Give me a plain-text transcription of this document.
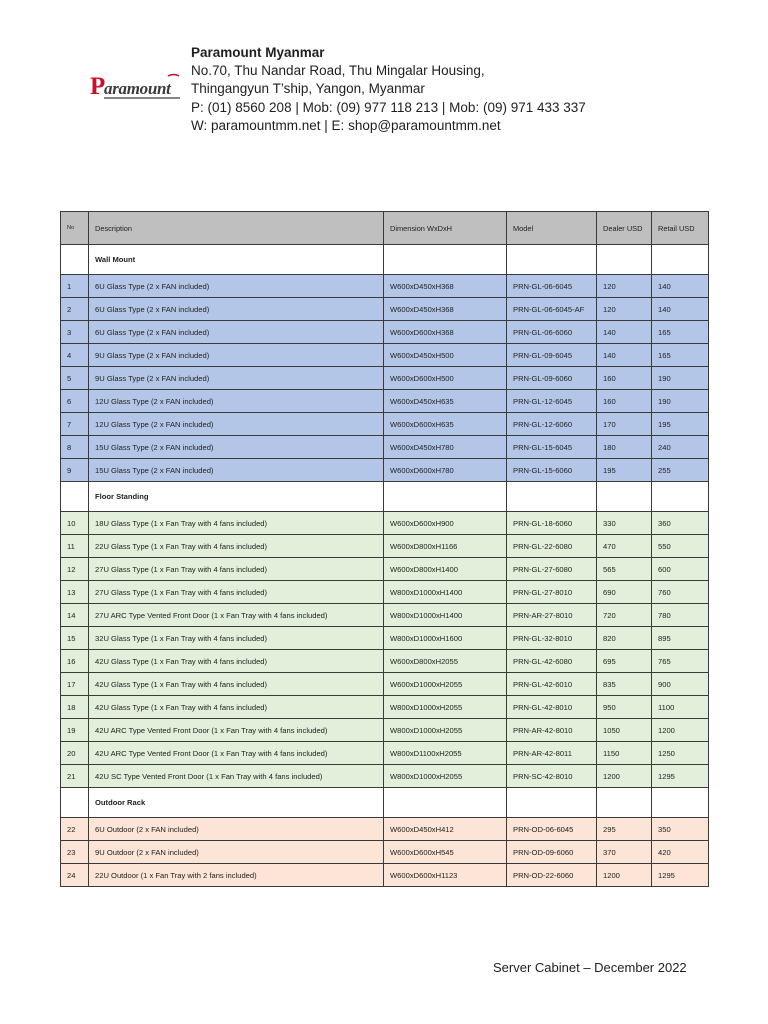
P
aramount
Paramount Myanmar
No.70, Thu Nandar Road, Thu Mingalar Housing,
Thingangyun T’ship, Yangon, Myanmar
P: (01) 8560 208 | Mob: (09) 977 118 213 | Mob: (09) 971 433 337
W: paramountmm.net | E: shop@paramountmm.net
No	Description	Dimension WxDxH	Model	Dealer USD	Retail USD
	Wall Mount				
1	6U Glass Type (2 x FAN included)	W600xD450xH368	PRN-GL-06-6045	120	140
2	6U Glass Type (2 x FAN included)	W600xD450xH368	PRN-GL-06-6045-AF	120	140
3	6U Glass Type (2 x FAN included)	W600xD600xH368	PRN-GL-06-6060	140	165
4	9U Glass Type (2 x FAN included)	W600xD450xH500	PRN-GL-09-6045	140	165
5	9U Glass Type (2 x FAN included)	W600xD600xH500	PRN-GL-09-6060	160	190
6	12U Glass Type (2 x FAN included)	W600xD450xH635	PRN-GL-12-6045	160	190
7	12U Glass Type (2 x FAN included)	W600xD600xH635	PRN-GL-12-6060	170	195
8	15U Glass Type (2 x FAN included)	W600xD450xH780	PRN-GL-15-6045	180	240
9	15U Glass Type (2 x FAN included)	W600xD600xH780	PRN-GL-15-6060	195	255
	Floor Standing				
10	18U Glass Type (1 x Fan Tray with 4 fans included)	W600xD600xH900	PRN-GL-18-6060	330	360
11	22U Glass Type (1 x Fan Tray with 4 fans included)	W600xD800xH1166	PRN-GL-22-6080	470	550
12	27U Glass Type (1 x Fan Tray with 4 fans included)	W600xD800xH1400	PRN-GL-27-6080	565	600
13	27U Glass Type (1 x Fan Tray with 4 fans included)	W800xD1000xH1400	PRN-GL-27-8010	690	760
14	27U ARC Type Vented Front Door (1 x Fan Tray with 4 fans included)	W800xD1000xH1400	PRN-AR-27-8010	720	780
15	32U Glass Type (1 x Fan Tray with 4 fans included)	W800xD1000xH1600	PRN-GL-32-8010	820	895
16	42U Glass Type (1 x Fan Tray with 4 fans included)	W600xD800xH2055	PRN-GL-42-6080	695	765
17	42U Glass Type (1 x Fan Tray with 4 fans included)	W600xD1000xH2055	PRN-GL-42-6010	835	900
18	42U Glass Type (1 x Fan Tray with 4 fans included)	W800xD1000xH2055	PRN-GL-42-8010	950	1100
19	42U ARC Type Vented Front Door (1 x Fan Tray with 4 fans included)	W800xD1000xH2055	PRN-AR-42-8010	1050	1200
20	42U ARC Type Vented Front Door (1 x Fan Tray with 4 fans included)	W800xD1100xH2055	PRN-AR-42-8011	1150	1250
21	42U SC Type Vented Front Door (1 x Fan Tray with 4 fans included)	W800xD1000xH2055	PRN-SC-42-8010	1200	1295
	Outdoor Rack				
22	6U Outdoor (2 x FAN included)	W600xD450xH412	PRN-OD-06-6045	295	350
23	9U Outdoor (2 x FAN included)	W600xD600xH545	PRN-OD-09-6060	370	420
24	22U Outdoor (1 x Fan Tray with 2 fans included)	W600xD600xH1123	PRN-OD-22-6060	1200	1295
Server Cabinet – December 2022
